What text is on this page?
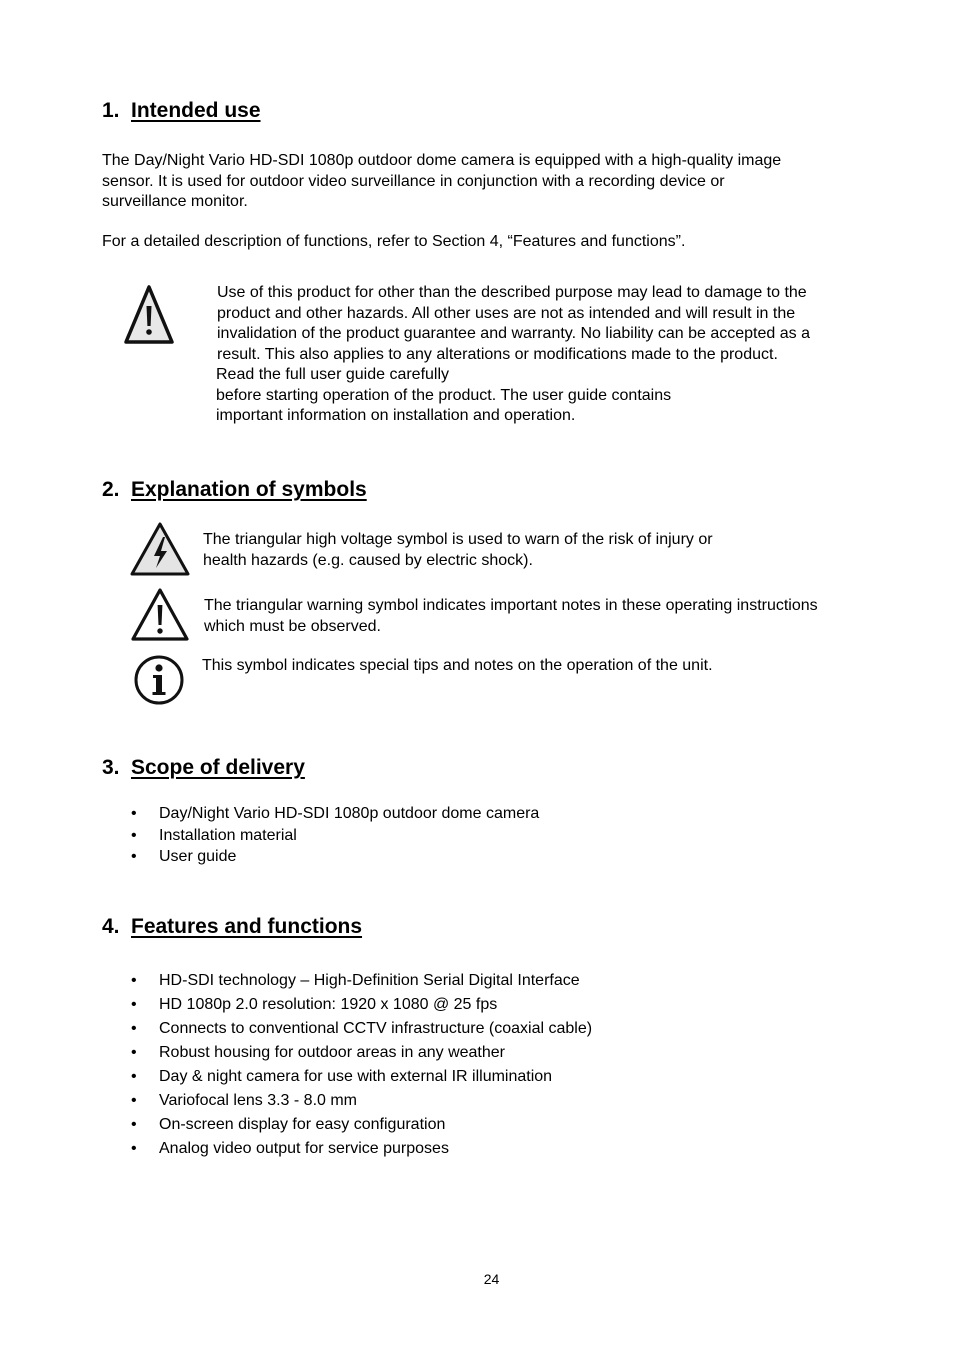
1. Intended use
The Day/Night Vario HD-SDI 1080p outdoor dome camera is equipped with a high-quality image
sensor. It is used for outdoor video surveillance in conjunction with a recording device or
surveillance monitor.
For a detailed description of functions, refer to Section 4, “Features and functions”.
Use of this product for other than the described purpose may lead to damage to the
product and other hazards. All other uses are not as intended and will result in the
invalidation of the product guarantee and warranty. No liability can be accepted as a
result. This also applies to any alterations or modifications made to the product.
Read the full user guide carefully
before starting operation of the product. The user guide contains
important information on installation and operation.
2. Explanation of symbols
The triangular high voltage symbol is used to warn of the risk of injury or
health hazards (e.g. caused by electric shock).
The triangular warning symbol indicates important notes in these operating instructions
which must be observed.
This symbol indicates special tips and notes on the operation of the unit.
3. Scope of delivery
• Day/Night Vario HD-SDI 1080p outdoor dome camera
• Installation material
• User guide
4. Features and functions
• HD-SDI technology – High-Definition Serial Digital Interface
• HD 1080p 2.0 resolution: 1920 x 1080 @ 25 fps
• Connects to conventional CCTV infrastructure (coaxial cable)
• Robust housing for outdoor areas in any weather
• Day & night camera for use with external IR illumination
• Variofocal lens 3.3 - 8.0 mm
• On-screen display for easy configuration
• Analog video output for service purposes
24
